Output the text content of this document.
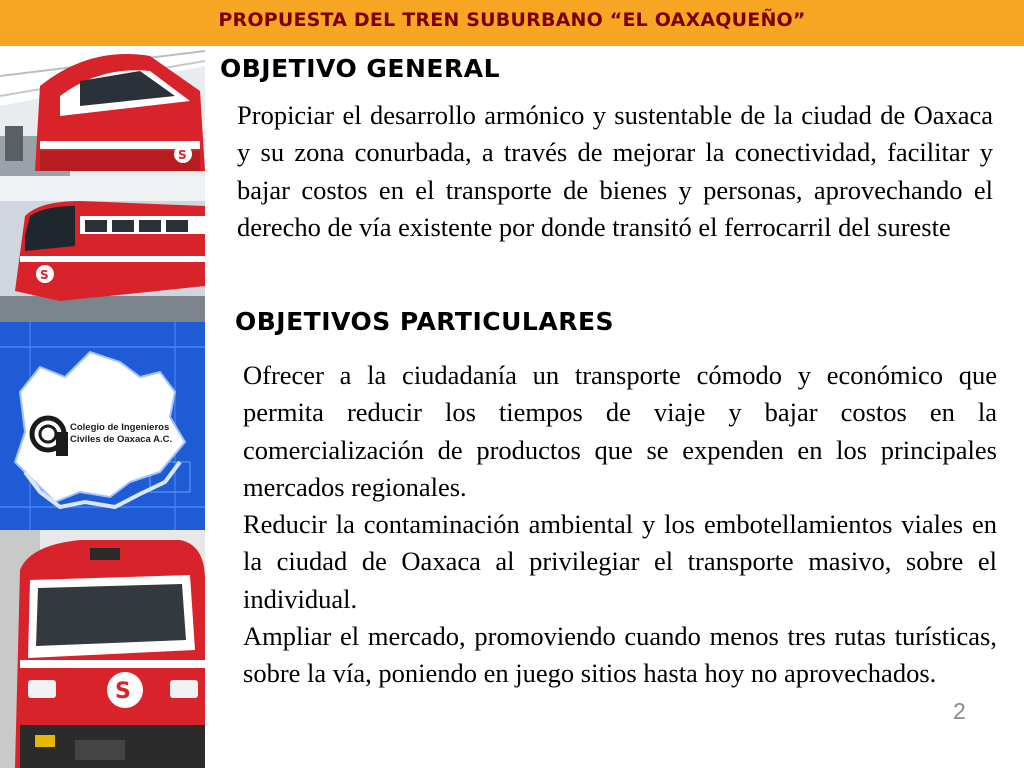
PROPUESTA DEL TREN SUBURBANO “EL OAXAQUEÑO”
S
S
Colegio de Ingenieros
Civiles de Oaxaca A.C.
S
OBJETIVO GENERAL

Propiciar el desarrollo armónico y sustentable de la ciudad de Oaxaca y su zona conurbada, a través de mejorar la conectividad, facilitar y bajar costos en el transporte de bienes y personas, aprovechando el derecho de vía existente por donde transitó el ferrocarril del sureste

OBJETIVOS PARTICULARES

Ofrecer a la ciudadanía un transporte cómodo y económico que permita reducir los tiempos de viaje y bajar costos en la comercialización de productos que se expenden en los principales mercados regionales.

Reducir la contaminación ambiental y los embotellamientos viales en la ciudad de Oaxaca al privilegiar el transporte masivo, sobre el individual.

Ampliar el mercado, promoviendo cuando menos tres rutas turísticas, sobre la vía, poniendo en juego sitios hasta hoy no aprovechados.

2
